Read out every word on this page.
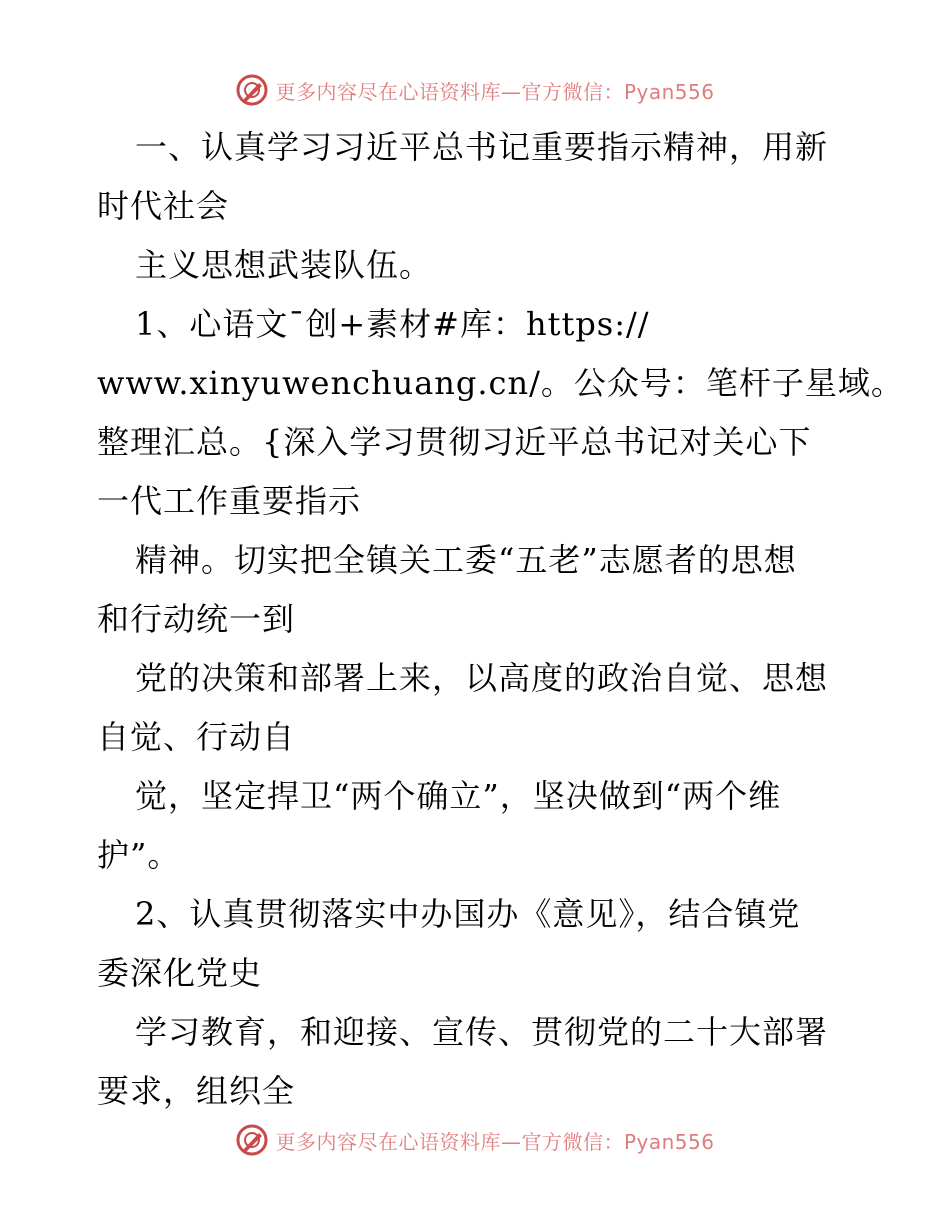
更多内容尽在心语资料库—官方微信：Pyan556
一、认真学习习近平总书记重要指示精神，用新
时代社会
主义思想武装队伍。
1、心语文¯创+素材#库：https://
www.xinyuwenchuang.cn/。公众号：笔杆子星域。
整理汇总。{深入学习贯彻习近平总书记对关心下
一代工作重要指示
精神。切实把全镇关工委“五老”志愿者的思想
和行动统一到
党的决策和部署上来，以高度的政治自觉、思想
自觉、行动自
觉，坚定捍卫“两个确立”，坚决做到“两个维
护”。
2、认真贯彻落实中办国办《意见》，结合镇党
委深化党史
学习教育，和迎接、宣传、贯彻党的二十大部署
要求，组织全
更多内容尽在心语资料库—官方微信：Pyan556
